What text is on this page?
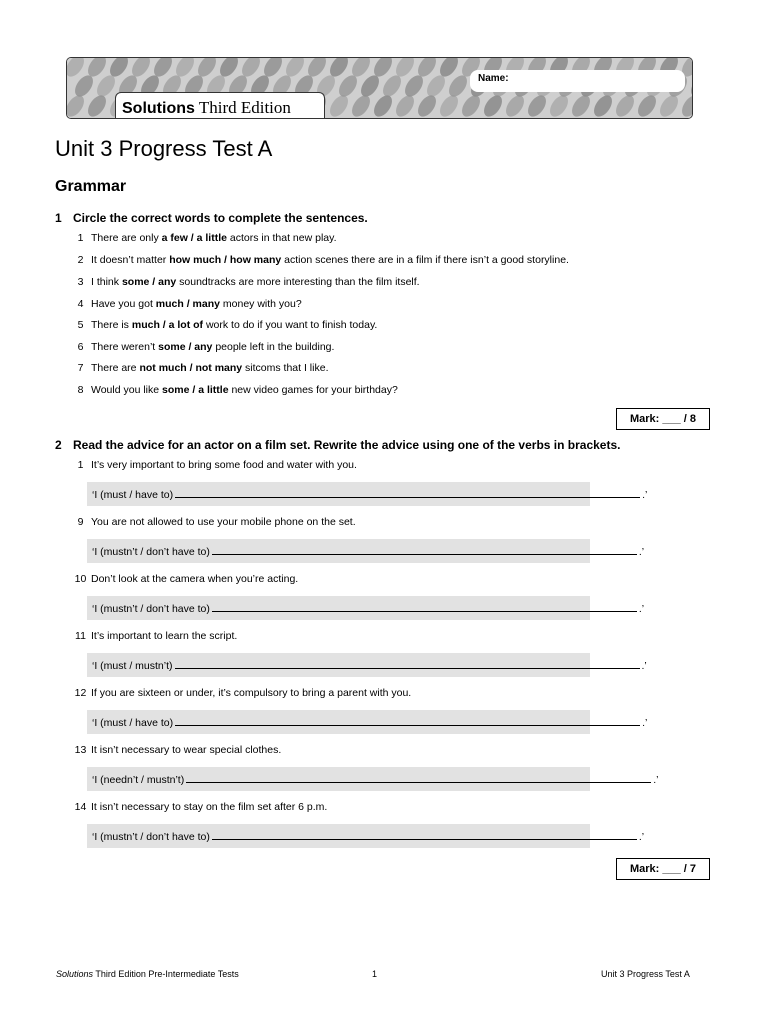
Name:
Solutions Third Edition
Unit 3 Progress Test A
Grammar
1 Circle the correct words to complete the sentences.
1 There are only a few / a little actors in that new play.
2 It doesn’t matter how much / how many action scenes there are in a film if there isn’t a good storyline.
3 I think some / any soundtracks are more interesting than the film itself.
4 Have you got much / many money with you?
5 There is much / a lot of work to do if you want to finish today.
6 There weren’t some / any people left in the building.
7 There are not much / not many sitcoms that I like.
8 Would you like some / a little new video games for your birthday?
Mark: ___ / 8
2 Read the advice for an actor on a film set. Rewrite the advice using one of the verbs in brackets.
1 It’s very important to bring some food and water with you.
‘I (must / have to)	.’
9 You are not allowed to use your mobile phone on the set.
‘I (mustn’t / don’t have to)	.’
10 Don’t look at the camera when you’re acting.
‘I (mustn’t / don’t have to)	.’
11 It’s important to learn the script.
‘I (must / mustn’t)	.’
12 If you are sixteen or under, it’s compulsory to bring a parent with you.
‘I (must / have to)	.’
13 It isn’t necessary to wear special clothes.
‘I (needn’t / mustn’t)	.’
14 It isn’t necessary to stay on the film set after 6 p.m.
‘I (mustn’t / don’t have to)	.’
Mark: ___ / 7
Solutions Third Edition Pre-Intermediate Tests	1	Unit 3 Progress Test A
